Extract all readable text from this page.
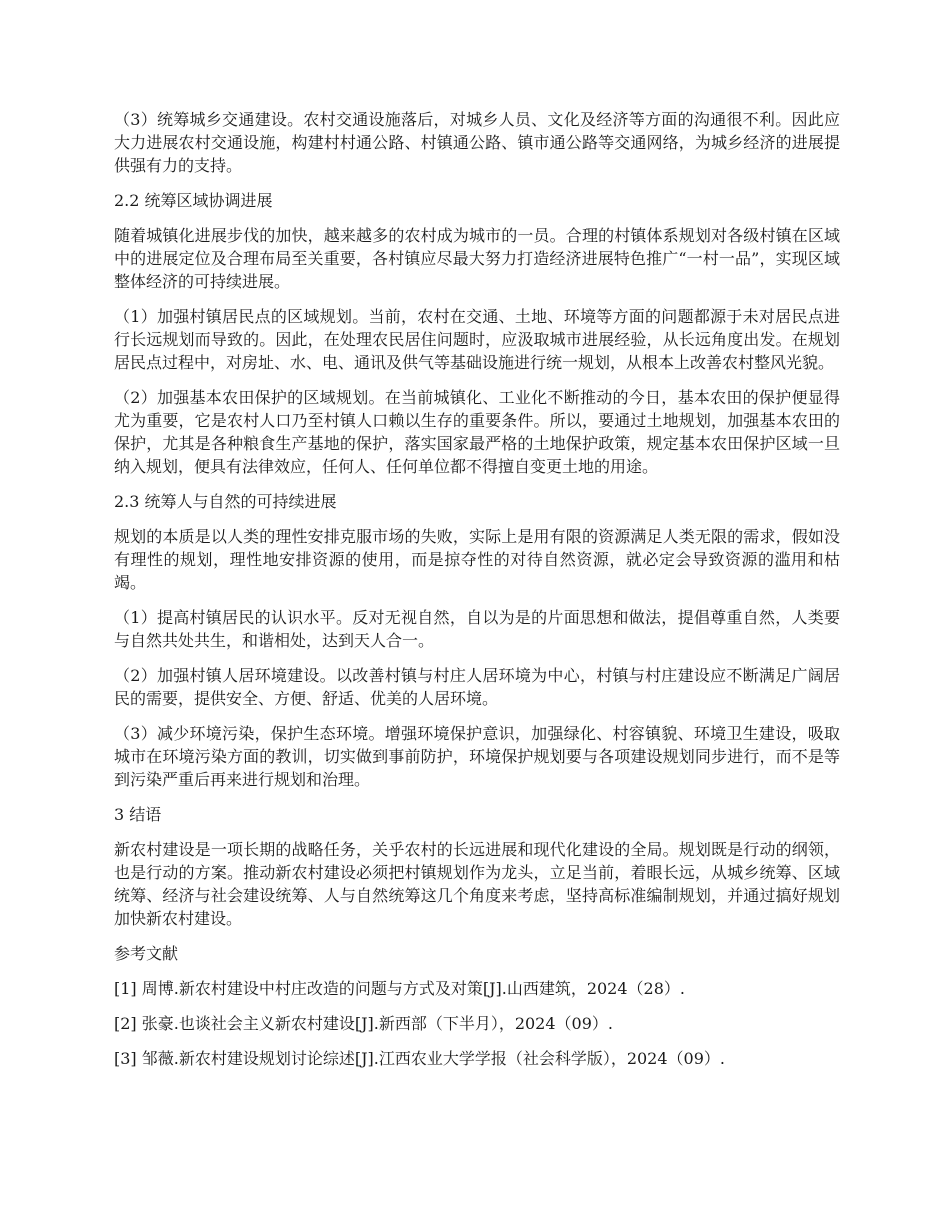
（3）统筹城乡交通建设。农村交通设施落后，对城乡人员、文化及经济等方面的沟通很不利。因此应大力进展农村交通设施，构建村村通公路、村镇通公路、镇市通公路等交通网络，为城乡经济的进展提供强有力的支持。

2.2 统筹区域协调进展

随着城镇化进展步伐的加快，越来越多的农村成为城市的一员。合理的村镇体系规划对各级村镇在区域中的进展定位及合理布局至关重要，各村镇应尽最大努力打造经济进展特色推广“一村一品”，实现区域整体经济的可持续进展。

（1）加强村镇居民点的区域规划。当前，农村在交通、土地、环境等方面的问题都源于未对居民点进行长远规划而导致的。因此，在处理农民居住问题时，应汲取城市进展经验，从长远角度出发。在规划居民点过程中，对房址、水、电、通讯及供气等基础设施进行统一规划，从根本上改善农村整风光貌。

（2）加强基本农田保护的区域规划。在当前城镇化、工业化不断推动的今日，基本农田的保护便显得尤为重要，它是农村人口乃至村镇人口赖以生存的重要条件。所以，要通过土地规划，加强基本农田的保护，尤其是各种粮食生产基地的保护，落实国家最严格的土地保护政策，规定基本农田保护区域一旦纳入规划，便具有法律效应，任何人、任何单位都不得擅自变更土地的用途。

2.3 统筹人与自然的可持续进展

规划的本质是以人类的理性安排克服市场的失败，实际上是用有限的资源满足人类无限的需求，假如没有理性的规划，理性地安排资源的使用，而是掠夺性的对待自然资源，就必定会导致资源的滥用和枯竭。

（1）提高村镇居民的认识水平。反对无视自然，自以为是的片面思想和做法，提倡尊重自然，人类要与自然共处共生，和谐相处，达到天人合一。

（2）加强村镇人居环境建设。以改善村镇与村庄人居环境为中心，村镇与村庄建设应不断满足广阔居民的需要，提供安全、方便、舒适、优美的人居环境。

（3）减少环境污染，保护生态环境。增强环境保护意识，加强绿化、村容镇貌、环境卫生建设，吸取城市在环境污染方面的教训，切实做到事前防护，环境保护规划要与各项建设规划同步进行，而不是等到污染严重后再来进行规划和治理。

3 结语

新农村建设是一项长期的战略任务，关乎农村的长远进展和现代化建设的全局。规划既是行动的纲领，也是行动的方案。推动新农村建设必须把村镇规划作为龙头，立足当前，着眼长远，从城乡统筹、区域统筹、经济与社会建设统筹、人与自然统筹这几个角度来考虑，坚持高标准编制规划，并通过搞好规划加快新农村建设。

参考文献

[1] 周博.新农村建设中村庄改造的问题与方式及对策[J].山西建筑，2024（28）.

[2] 张豪.也谈社会主义新农村建设[J].新西部（下半月），2024（09）.

[3] 邹薇.新农村建设规划讨论综述[J].江西农业大学学报（社会科学版），2024（09）.
